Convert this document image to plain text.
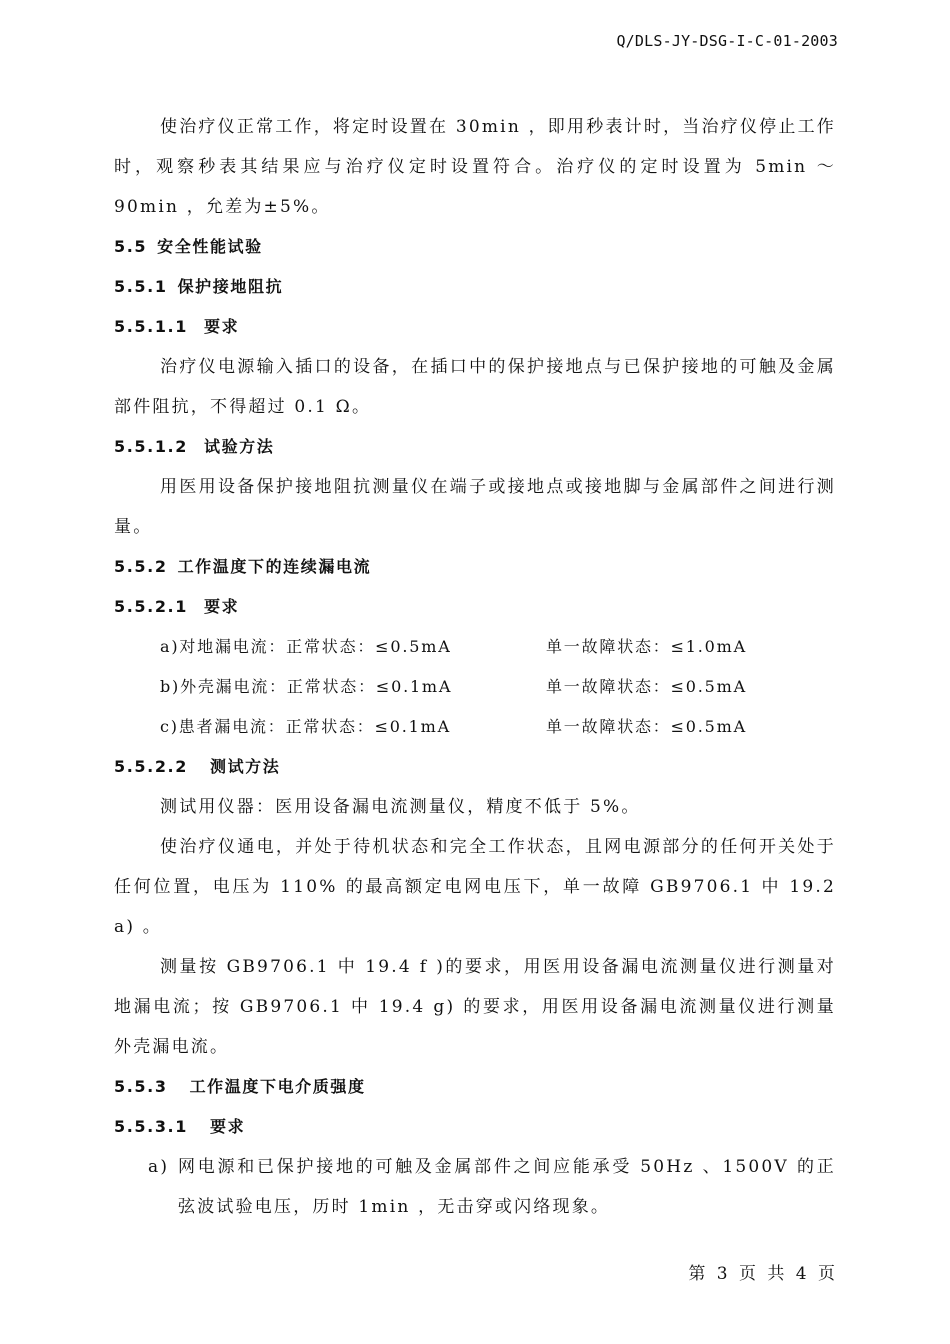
Q/DLS-JY-DSG-I-C-01-2003

使治疗仪正常工作，将定时设置在 30min ，即用秒表计时，当治疗仪停止工作时，观察秒表其结果应与治疗仪定时设置符合。治疗仪的定时设置为 5min ～90min ，允差为±5%。

5.5 安全性能试验

5.5.1 保护接地阻抗

5.5.1.1 要求

治疗仪电源输入插口的设备，在插口中的保护接地点与已保护接地的可触及金属部件阻抗，不得超过 0.1 Ω。

5.5.1.2 试验方法

用医用设备保护接地阻抗测量仪在端子或接地点或接地脚与金属部件之间进行测量。

5.5.2 工作温度下的连续漏电流

5.5.2.1 要求

a)对地漏电流：正常状态：≤0.5mA	单一故障状态：≤1.0mA
b)外壳漏电流：正常状态：≤0.1mA	单一故障状态：≤0.5mA
c)患者漏电流：正常状态：≤0.1mA	单一故障状态：≤0.5mA

5.5.2.2 测试方法

测试用仪器：医用设备漏电流测量仪，精度不低于 5%。

使治疗仪通电，并处于待机状态和完全工作状态，且网电源部分的任何开关处于任何位置，电压为 110% 的最高额定电网电压下，单一故障 GB9706.1 中 19.2 a) 。

测量按 GB9706.1 中 19.4 f )的要求，用医用设备漏电流测量仪进行测量对地漏电流；按 GB9706.1 中 19.4 g) 的要求，用医用设备漏电流测量仪进行测量外壳漏电流。

5.5.3 工作温度下电介质强度

5.5.3.1 要求

a) 网电源和已保护接地的可触及金属部件之间应能承受 50Hz 、1500V 的正弦波试验电压，历时 1min ，无击穿或闪络现象。
第 3 页 共 4 页
